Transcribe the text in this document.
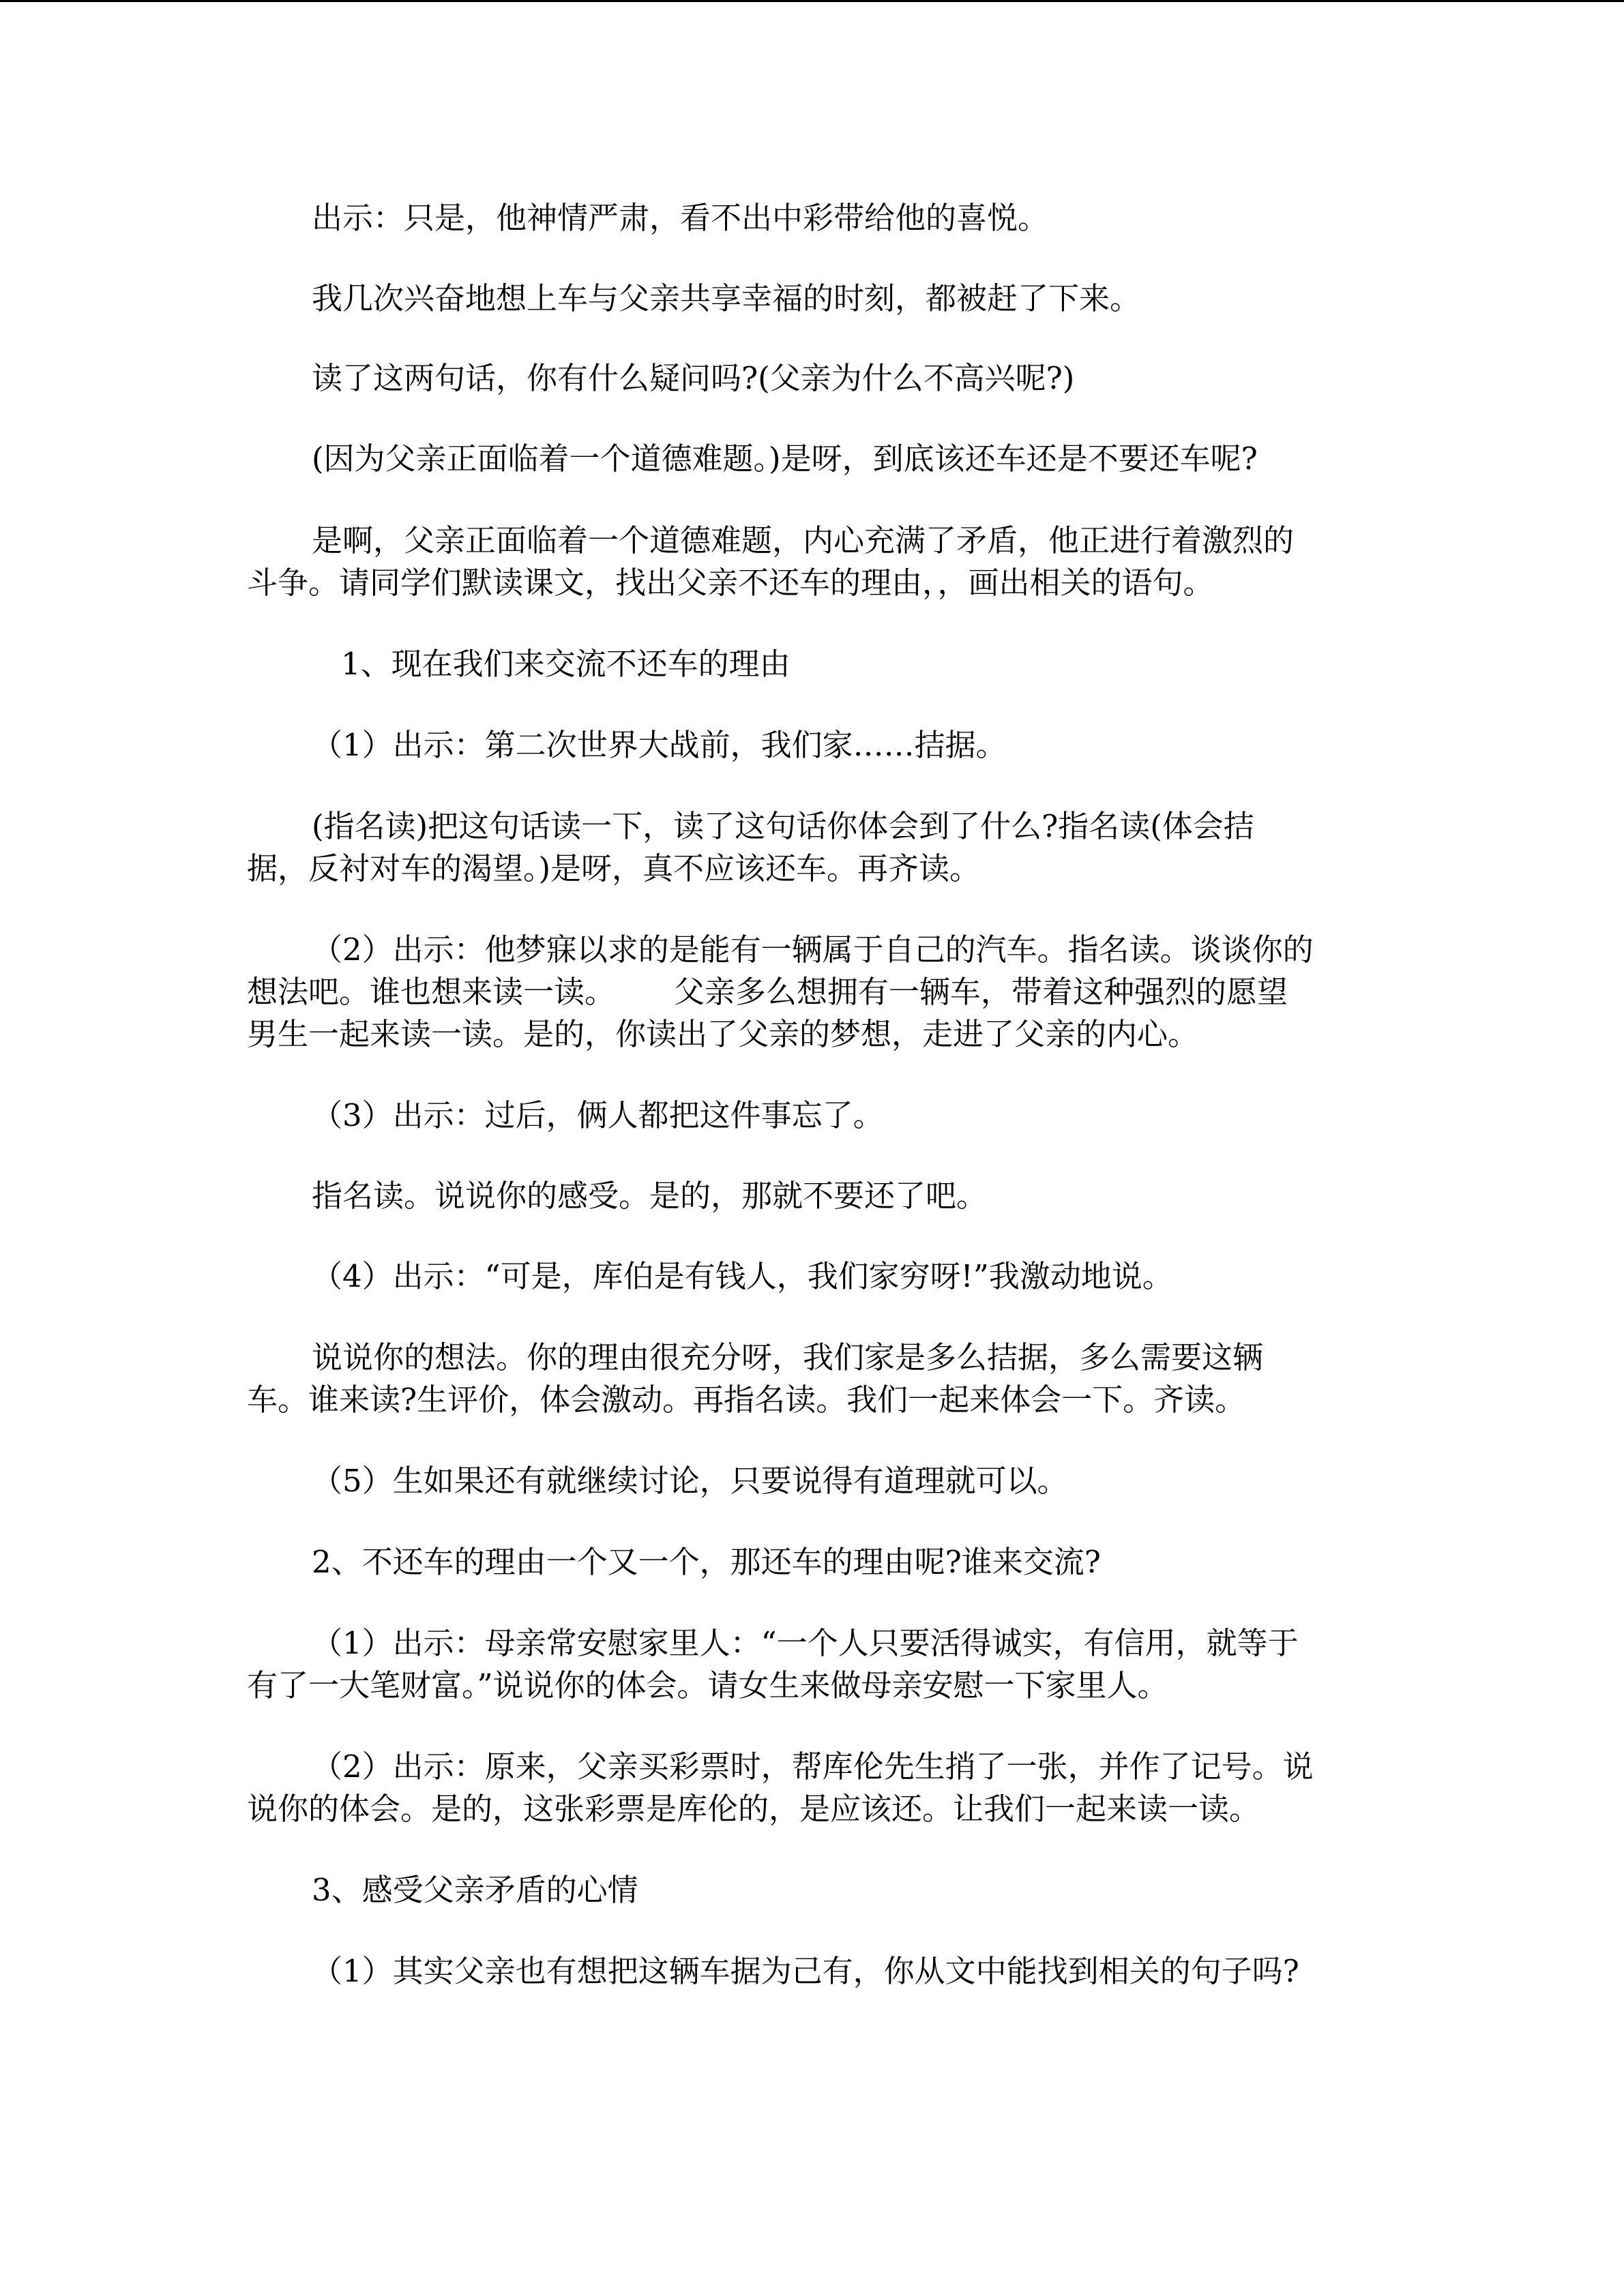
出示：只是，他神情严肃，看不出中彩带给他的喜悦。
我几次兴奋地想上车与父亲共享幸福的时刻，都被赶了下来。
读了这两句话，你有什么疑问吗?(父亲为什么不高兴呢?)
(因为父亲正面临着一个道德难题。)是呀，到底该还车还是不要还车呢?
是啊，父亲正面临着一个道德难题，内心充满了矛盾，他正进行着激烈的
斗争。请同学们默读课文，找出父亲不还车的理由，，画出相关的语句。
1、现在我们来交流不还车的理由
（1）出示：第二次世界大战前，我们家……拮据。
(指名读)把这句话读一下，读了这句话你体会到了什么?指名读(体会拮
据，反衬对车的渴望。)是呀，真不应该还车。再齐读。
（2）出示：他梦寐以求的是能有一辆属于自己的汽车。指名读。谈谈你的
想法吧。谁也想来读一读。      父亲多么想拥有一辆车，带着这种强烈的愿望
男生一起来读一读。是的，你读出了父亲的梦想，走进了父亲的内心。
（3）出示：过后，俩人都把这件事忘了。
指名读。说说你的感受。是的，那就不要还了吧。
（4）出示：“可是，库伯是有钱人，我们家穷呀!”我激动地说。
说说你的想法。你的理由很充分呀，我们家是多么拮据，多么需要这辆
车。谁来读?生评价，体会激动。再指名读。我们一起来体会一下。齐读。
（5）生如果还有就继续讨论，只要说得有道理就可以。
2、不还车的理由一个又一个，那还车的理由呢?谁来交流?
（1）出示：母亲常安慰家里人：“一个人只要活得诚实，有信用，就等于
有了一大笔财富。”说说你的体会。请女生来做母亲安慰一下家里人。
（2）出示：原来，父亲买彩票时，帮库伦先生捎了一张，并作了记号。说
说你的体会。是的，这张彩票是库伦的，是应该还。让我们一起来读一读。
3、感受父亲矛盾的心情
（1）其实父亲也有想把这辆车据为己有，你从文中能找到相关的句子吗?
